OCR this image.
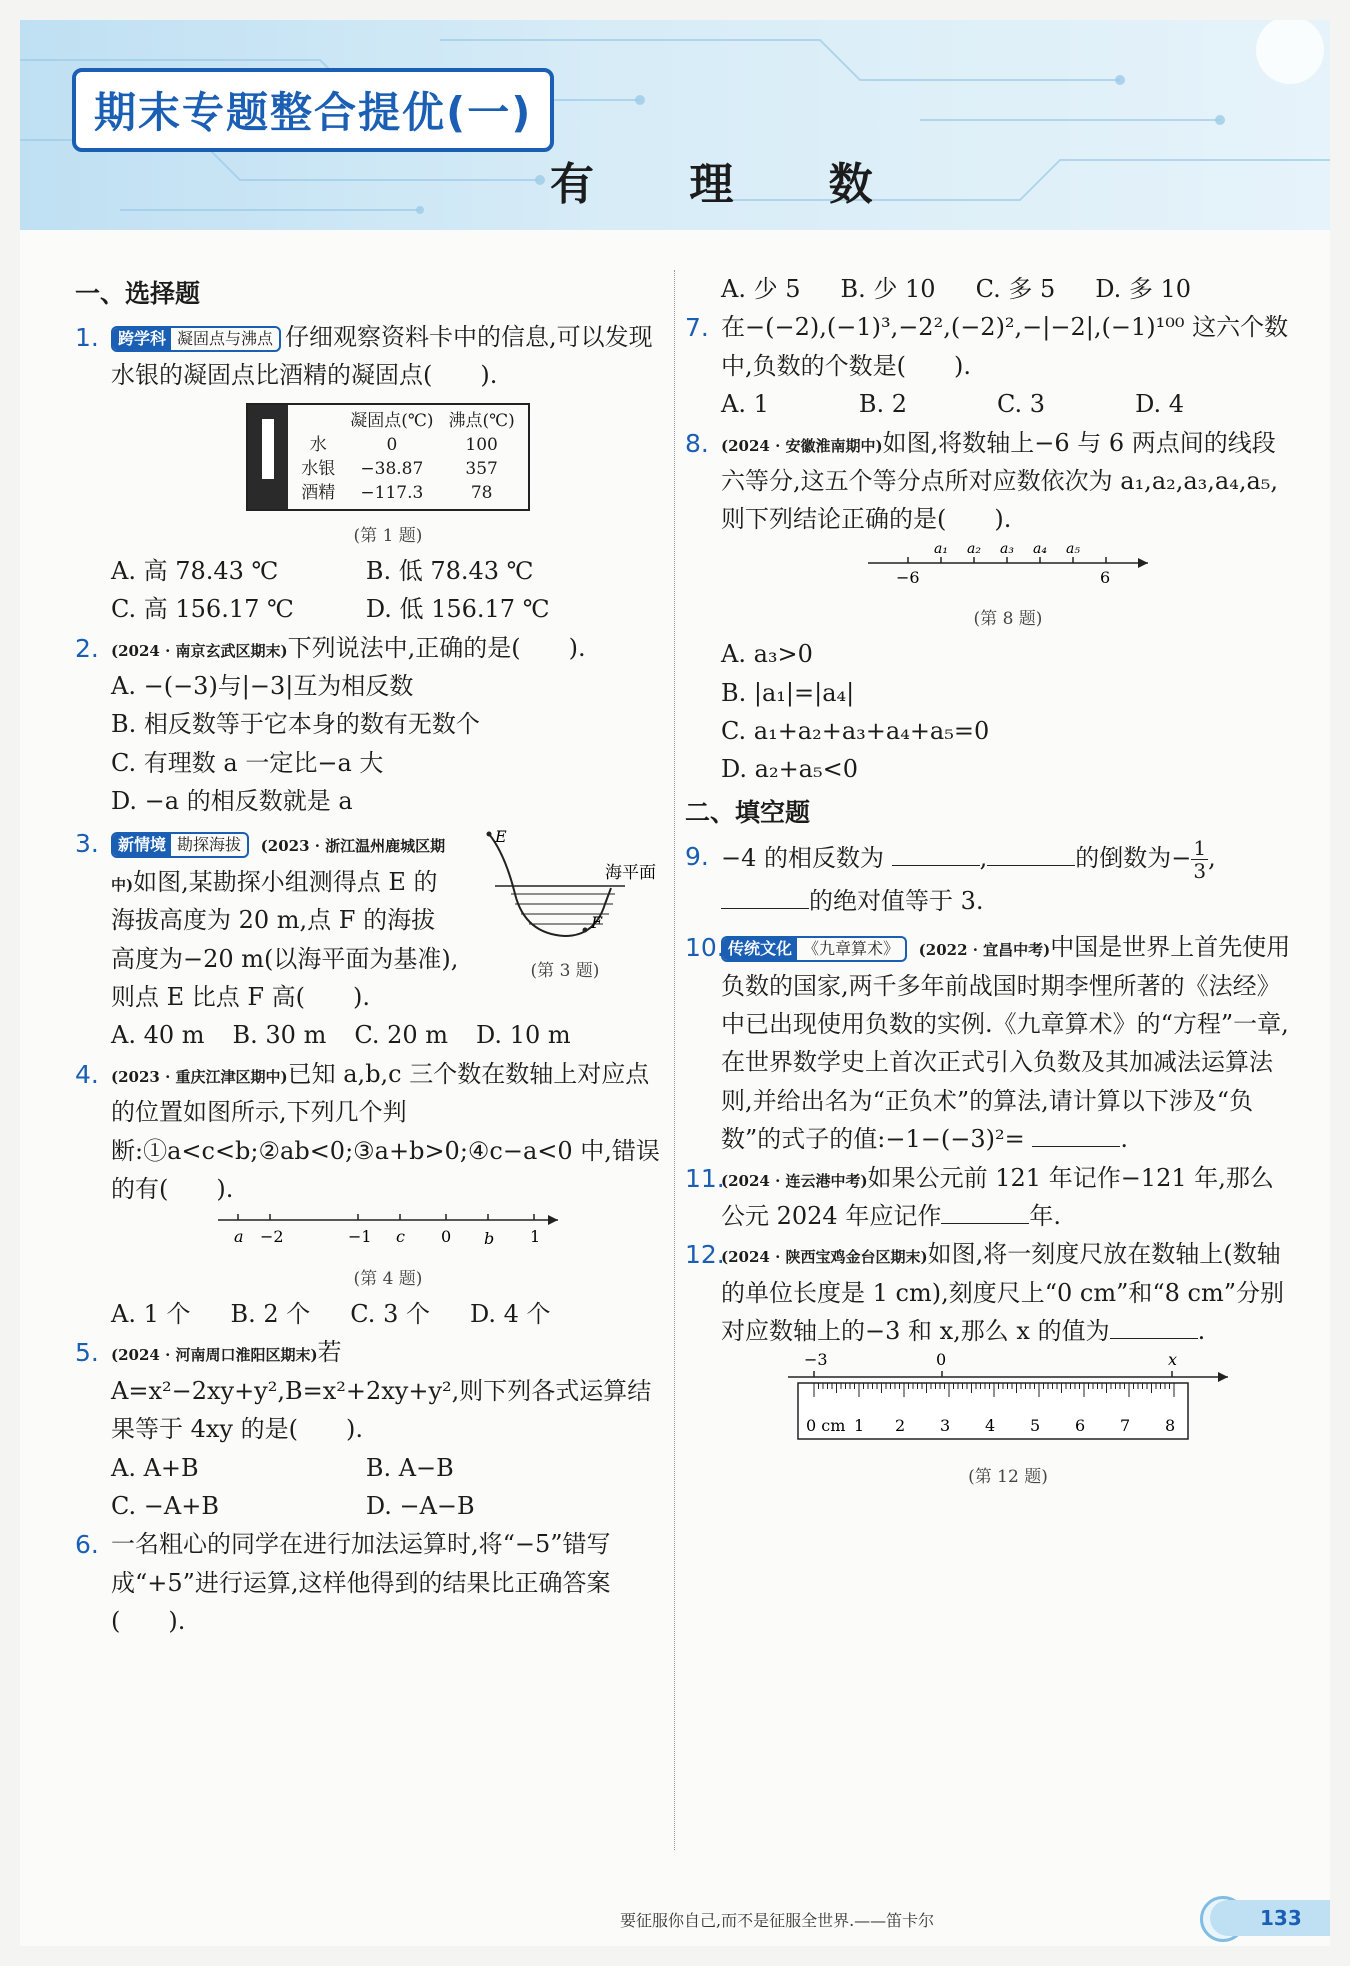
期末专题整合提优(一)
有 理 数
一、选择题
1. 跨学科 凝固点与沸点 仔细观察资料卡中的信息,可以发现水银的凝固点比酒精的凝固点(　　).
	凝固点(℃)	沸点(℃)
水	0	100
水银	−38.87	357
酒精	−117.3	78
(第 1 题)
A. 高 78.43 ℃	B. 低 78.43 ℃
C. 高 156.17 ℃	D. 低 156.17 ℃
2. (2024 · 南京玄武区期末)下列说法中,正确的是(　　).
A. −(−3)与|−3|互为相反数
B. 相反数等于它本身的数有无数个
C. 有理数 a 一定比−a 大
D. −a 的相反数就是 a
3.	E
F
海平面
(第 3 题)
新情境 勘探海拔 (2023 · 浙江温州鹿城区期中)如图,某勘探小组测得点 E 的海拔高度为 20 m,点 F 的海拔高度为−20 m(以海平面为基准),则点 E 比点 F 高(　　).
A. 40 m B. 30 m C. 20 m D. 10 m
4. (2023 · 重庆江津区期中)已知 a,b,c 三个数在数轴上对应点的位置如图所示,下列几个判断:①a<c<b;②ab<0;③a+b>0;④c−a<0 中,错误的有(　　).
a −2	−1 c 0 b 1
(第 4 题)
A. 1 个 B. 2 个 C. 3 个 D. 4 个
5. (2024 · 河南周口淮阳区期末)若 A=x²−2xy+y²,B=x²+2xy+y²,则下列各式运算结果等于 4xy 的是(　　).
A. A+B	B. A−B
C. −A+B	D. −A−B
6. 一名粗心的同学在进行加法运算时,将“−5”错写成“+5”进行运算,这样他得到的结果比正确答案(　　).
A. 少 5 B. 少 10 C. 多 5 D. 多 10
7. 在−(−2),(−1)³,−2²,(−2)²,−|−2|,(−1)¹⁰⁰ 这六个数中,负数的个数是(　　).
A. 1	B. 2	C. 3	D. 4
8. (2024 · 安徽淮南期中)如图,将数轴上−6 与 6 两点间的线段六等分,这五个等分点所对应数依次为 a₁,a₂,a₃,a₄,a₅,则下列结论正确的是(　　).
a₁ a₂ a₃ a₄ a₅
−6	6
(第 8 题)
A. a₃>0
B. |a₁|=|a₄|
C. a₁+a₂+a₃+a₄+a₅=0
D. a₂+a₅<0
二、填空题
9. −4 的相反数为	,	的倒数为− $\frac{1}{3}$ ,的绝对值等于 3.
10. 传统文化 《九章算术》 (2022 · 宜昌中考)中国是世界上首先使用负数的国家,两千多年前战国时期李悝所著的《法经》中已出现使用负数的实例.《九章算术》的“方程”一章,在世界数学史上首次正式引入负数及其加减法运算法则,并给出名为“正负术”的算法,请计算以下涉及“负数”的式子的值:−1−(−3)²=	.
11.
(2024 · 连云港中考)如果公元前 121 年记作−121 年,那么公元 2024 年应记作	年.
12.
(2024 · 陕西宝鸡金台区期末)如图,将一刻度尺放在数轴上(数轴的单位长度是 1 cm),刻度尺上“0 cm”和“8 cm”分别对应数轴上的−3 和 x,那么 x 的值为	.
−3	0	x
0 cm 1 2 3 4 5 6 7 8
(第 12 题)
要征服你自己,而不是征服全世界.——笛卡尔	133
